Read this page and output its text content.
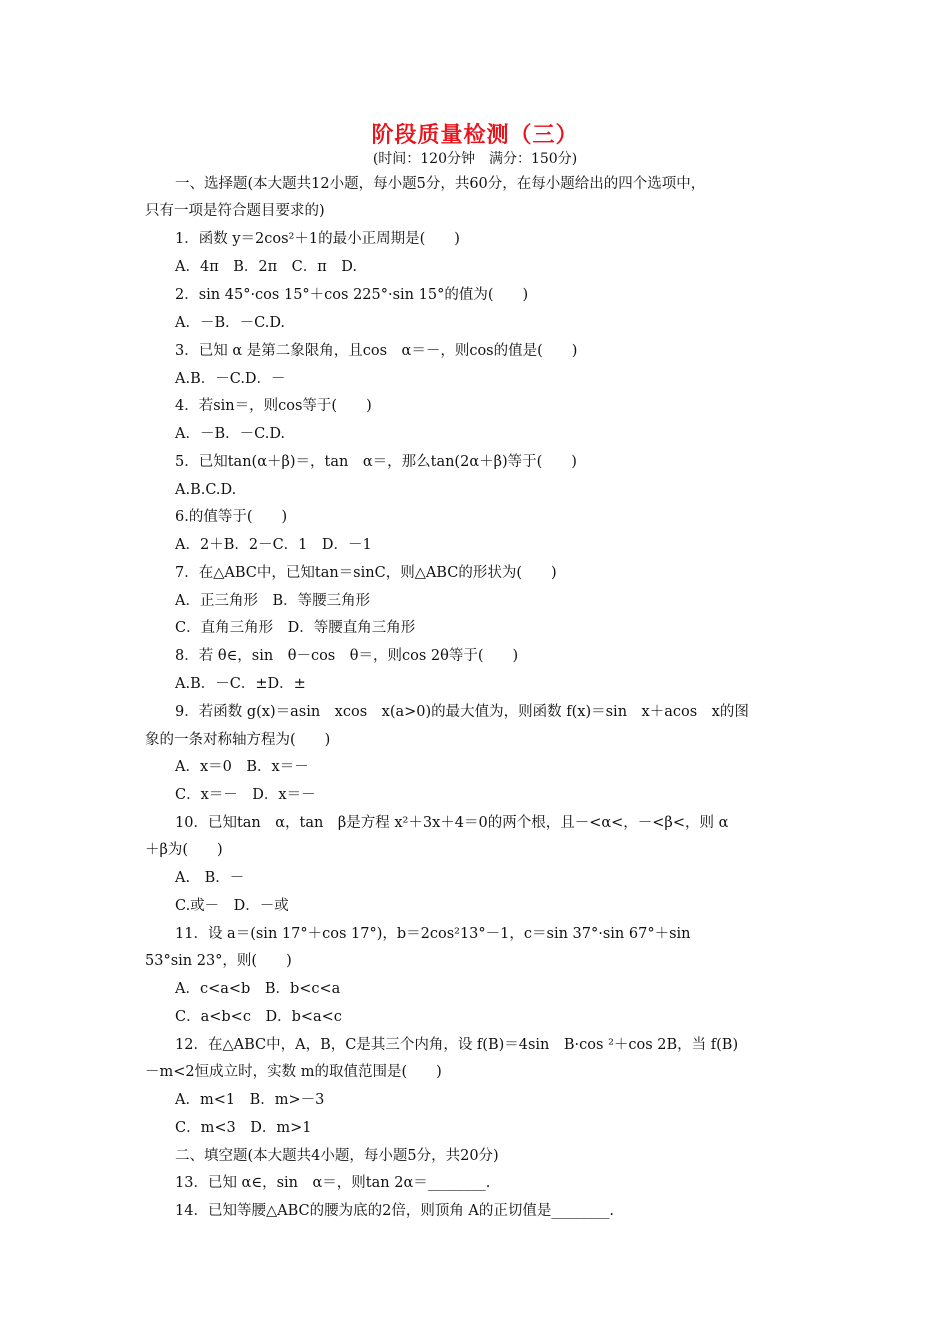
阶段质量检测（三）
(时间：120分钟　满分：150分)
一、选择题(本大题共12小题，每小题5分，共60分，在每小题给出的四个选项中，
只有一项是符合题目要求的)
1．函数 y＝2cos²＋1的最小正周期是(　　)
A．4π　B．2π　C．π　D.
2．sin 45°·cos 15°＋cos 225°·sin 15°的值为(　　)
A．－B．－C.D.
3．已知 α 是第二象限角，且cos　α＝－，则cos的值是(　　)
A.B．－C.D．－
4．若sin＝，则cos等于(　　)
A．－B．－C.D.
5．已知tan(α＋β)＝，tan　α＝，那么tan(2α＋β)等于(　　)
A.B.C.D.
6.的值等于(　　)
A．2＋B．2－C．1　D．－1
7．在△ABC中，已知tan＝sinC，则△ABC的形状为(　　)
A．正三角形　B．等腰三角形
C．直角三角形　D．等腰直角三角形
8．若 θ∈，sin　θ－cos　θ＝，则cos 2θ等于(　　)
A.B．－C．±D．±
9．若函数 g(x)＝asin　xcos　x(a>0)的最大值为，则函数 f(x)＝sin　x＋acos　x的图
象的一条对称轴方程为(　　)
A．x＝0　B．x＝－
C．x＝－　D．x＝－
10．已知tan　α，tan　β是方程 x²＋3x＋4＝0的两个根，且－<α<，－<β<，则 α
＋β为(　　)
A.　B．－
C.或－　D．－或
11．设 a＝(sin 17°＋cos 17°)，b＝2cos²13°－1，c＝sin 37°·sin 67°＋sin
53°sin 23°，则(　　)
A．c<a<b　B．b<c<a
C．a<b<c　D．b<a<c
12．在△ABC中，A，B，C是其三个内角，设 f(B)＝4sin　B·cos ²＋cos 2B，当 f(B)
－m<2恒成立时，实数 m的取值范围是(　　)
A．m<1　B．m>－3
C．m<3　D．m>1
二、填空题(本大题共4小题，每小题5分，共20分)
13．已知 α∈，sin　α＝，则tan 2α＝________.
14．已知等腰△ABC的腰为底的2倍，则顶角 A的正切值是________.
